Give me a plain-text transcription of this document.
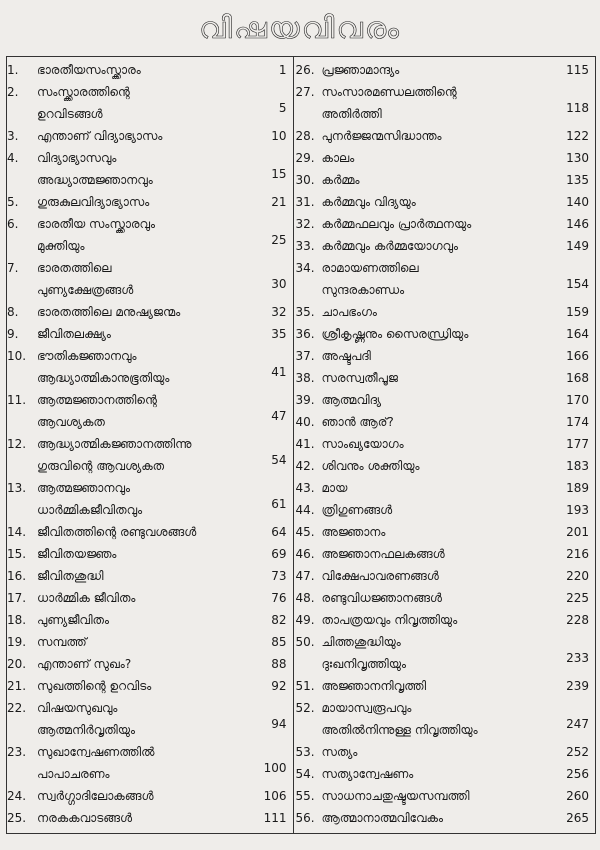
വിഷയവിവരം
1.	ഭാരതീയസംസ്ക്കാരം	1
2.	സംസ്ക്കാരത്തിന്റെ
ഉറവിടങ്ങൾ	5
3.	എന്താണ് വിദ്യാഭ്യാസം	10
4.	വിദ്യാഭ്യാസവും
അദ്ധ്യാത്മജ്ഞാനവും	15
5.	ഗുരുകുലവിദ്യാഭ്യാസം	21
6.	ഭാരതീയ സംസ്ക്കാരവും
മുക്തിയും	25
7.	ഭാരതത്തിലെ
പുണ്യക്ഷേത്രങ്ങൾ	30
8.	ഭാരതത്തിലെ മനുഷ്യജന്മം	32
9.	ജീവിതലക്ഷ്യം	35
10. ഭൗതികജ്ഞാനവും
ആദ്ധ്യാത്മികാനുഭൂതിയും	41
11. ആത്മജ്ഞാനത്തിന്റെ
ആവശ്യകത	47
12. ആദ്ധ്യാത്മികജ്ഞാനത്തിന്നു
ഗുരുവിന്റെ ആവശ്യകത	54
13. ആത്മജ്ഞാനവും
ധാർമ്മികജീവിതവും	61
14. ജീവിതത്തിന്റെ രണ്ടുവശങ്ങൾ	64
15. ജീവിതയജ്ഞം	69
16. ജീവിതശുദ്ധി	73
17. ധാർമ്മിക ജീവിതം	76
18. പുണ്യജീവിതം	82
19. സമ്പത്ത്	85
20. എന്താണ് സുഖം?	88
21. സുഖത്തിന്റെ ഉറവിടം	92
22. വിഷയസുഖവും
ആത്മനിർവൃതിയും	94
23. സുഖാന്വേഷണത്തിൽ
പാപാചരണം	100
24. സ്വർഗ്ഗാദിലോകങ്ങൾ	106
25. നരകകവാടങ്ങൾ	111
26. പ്രജ്ഞാമാന്ദ്യം	115
27. സംസാരമണ്ഡലത്തിന്റെ
അതിർത്തി	118
28. പുനർജ്ജന്മസിദ്ധാന്തം	122
29. കാലം	130
30. കർമ്മം	135
31. കർമ്മവും വിദ്യയും	140
32. കർമ്മഫലവും പ്രാർത്ഥനയും	146
33. കർമ്മവും കർമ്മയോഗവും	149
34. രാമായണത്തിലെ
സുന്ദരകാണ്ഡം	154
35. ചാപഭംഗം	159
36. ശ്രീകൃഷ്ണനും സൈരന്ധ്രിയും	164
37. അഷ്ടപദി	166
38. സരസ്വതീപൂജ	168
39. ആത്മവിദ്യ	170
40. ഞാൻ ആര്?	174
41. സാംഖ്യയോഗം	177
42. ശിവനും ശക്തിയും	183
43. മായ	189
44. ത്രിഗുണങ്ങൾ	193
45. അജ്ഞാനം	201
46. അജ്ഞാനഫലകങ്ങൾ	216
47. വിക്ഷേപാവരണങ്ങൾ	220
48. രണ്ടുവിധജ്ഞാനങ്ങൾ	225
49. താപത്രയവും നിവൃത്തിയും	228
50. ചിത്തശുദ്ധിയും
ദുഃഖനിവൃത്തിയും	233
51. അജ്ഞാനനിവൃത്തി	239
52. മായാസ്വരൂപവും
അതിൽനിന്നുള്ള നിവൃത്തിയും	247
53. സത്യം	252
54. സത്യാന്വേഷണം	256
55. സാധനാചതുഷ്ടയസമ്പത്തി	260
56. ആത്മാനാത്മവിവേകം	265
